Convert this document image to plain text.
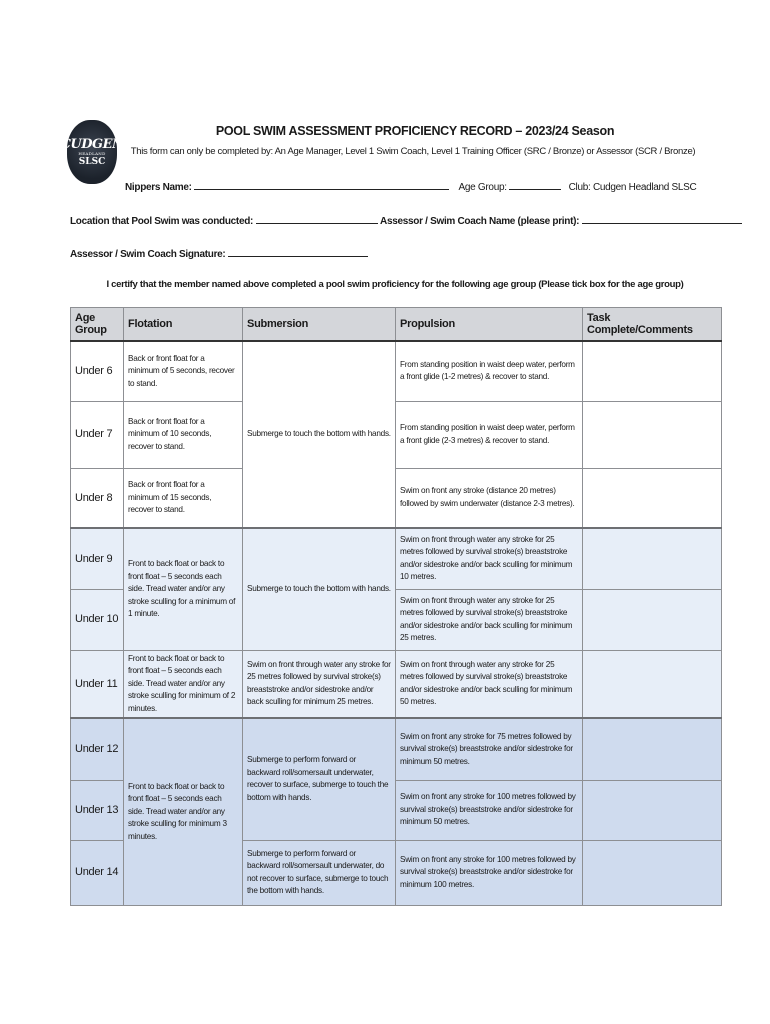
CUDGEN
HEADLAND
SLSC
POOL SWIM ASSESSMENT PROFICIENCY RECORD – 2023/24 Season
This form can only be completed by: An Age Manager, Level 1 Swim Coach, Level 1 Training Officer (SRC / Bronze) or Assessor (SCR / Bronze)
Nippers Name:	Age Group:	Club: Cudgen Headland SLSC
Location that Pool Swim was conducted:	Assessor / Swim Coach Name (please print):
Assessor / Swim Coach Signature:
I certify that the member named above completed a pool swim proficiency for the following age group (Please tick box for the age group)
Age Group	Flotation	Submersion	Propulsion	Task Complete/Comments
Under 6	Back or front float for a minimum of 5 seconds, recover to stand.	Submerge to touch the bottom with hands.	From standing position in waist deep water, perform a front glide (1-2 metres) & recover to stand.	
Under 7	Back or front float for a minimum of 10 seconds, recover to stand.		From standing position in waist deep water, perform a front glide (2-3 metres) & recover to stand.	
Under 8	Back or front float for a minimum of 15 seconds, recover to stand.		Swim on front any stroke (distance 20 metres) followed by swim underwater (distance 2-3 metres).	
Under 9	Front to back float or back to front float – 5 seconds each side. Tread water and/or any stroke sculling for a minimum of 1 minute.	Submerge to touch the bottom with hands.	Swim on front through water any stroke for 25 metres followed by survival stroke(s) breaststroke and/or sidestroke and/or back sculling for minimum 10 metres.	
Under 10			Swim on front through water any stroke for 25 metres followed by survival stroke(s) breaststroke and/or sidestroke and/or back sculling for minimum 25 metres.	
Under 11	Front to back float or back to front float – 5 seconds each side. Tread water and/or any stroke sculling for minimum of 2 minutes.	Swim on front through water any stroke for 25 metres followed by survival stroke(s) breaststroke and/or sidestroke and/or back sculling for minimum 25 metres.	Swim on front through water any stroke for 25 metres followed by survival stroke(s) breaststroke and/or sidestroke and/or back sculling for minimum 50 metres.	
Under 12	Front to back float or back to front float – 5 seconds each side. Tread water and/or any stroke sculling for minimum 3 minutes.	Submerge to perform forward or backward roll/somersault underwater, recover to surface, submerge to touch the bottom with hands.	Swim on front any stroke for 75 metres followed by survival stroke(s) breaststroke and/or sidestroke for minimum 50 metres.	
Under 13			Swim on front any stroke for 100 metres followed by survival stroke(s) breaststroke and/or sidestroke for minimum 50 metres.	
Under 14		Submerge to perform forward or backward roll/somersault underwater, do not recover to surface, submerge to touch the bottom with hands.	Swim on front any stroke for 100 metres followed by survival stroke(s) breaststroke and/or sidestroke for minimum 100 metres.	
